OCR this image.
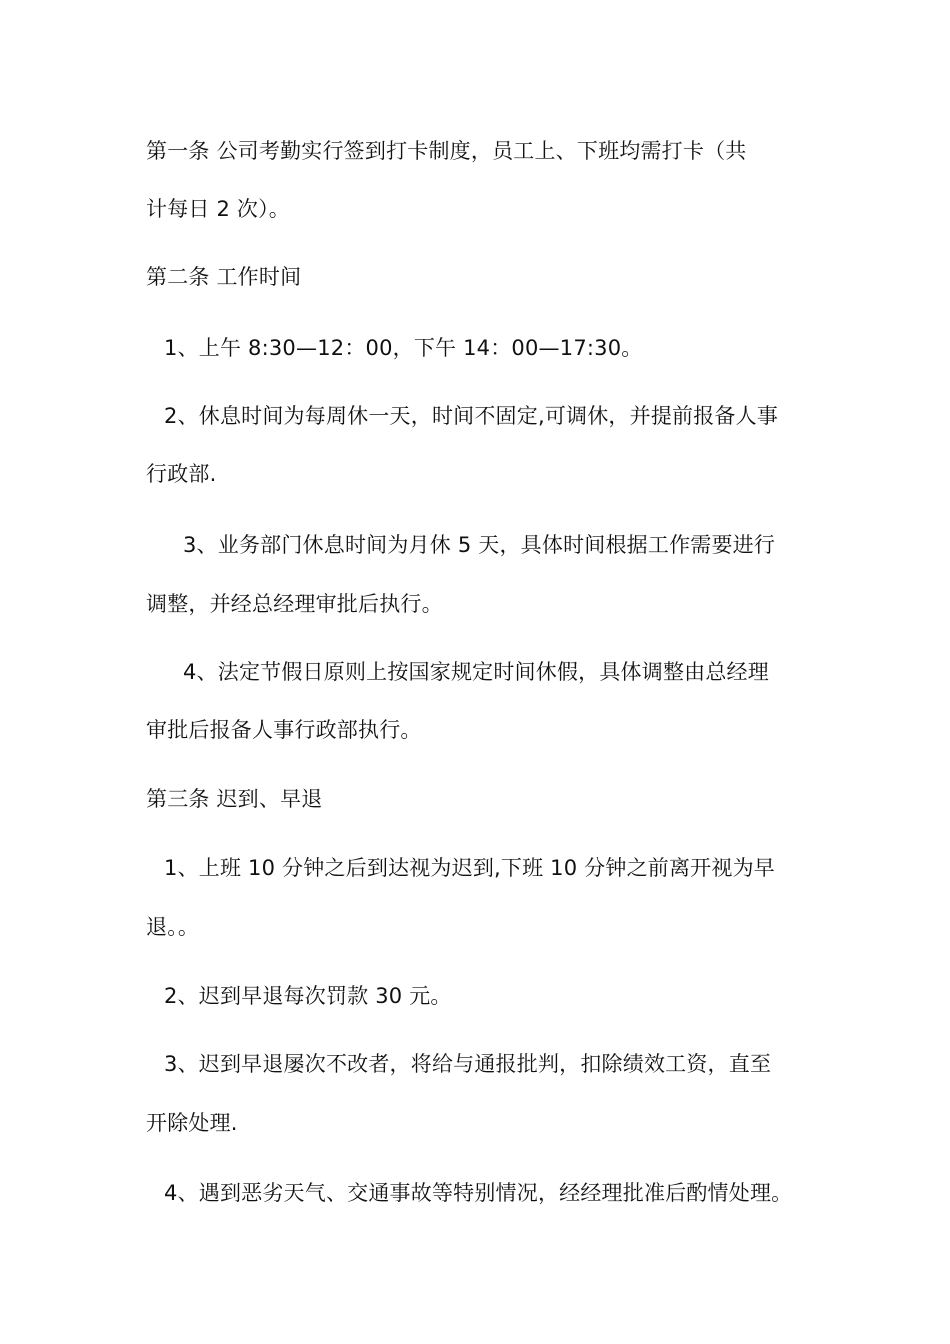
第一条 公司考勤实行签到打卡制度，员工上、下班均需打卡（共
计每日 2 次）。
第二条 工作时间
1、上午 8:30—12：00，下午 14：00—17:30。
2、休息时间为每周休一天，时间不固定,可调休，并提前报备人事
行政部.
3、业务部门休息时间为月休 5 天，具体时间根据工作需要进行
调整，并经总经理审批后执行。
4、法定节假日原则上按国家规定时间休假，具体调整由总经理
审批后报备人事行政部执行。
第三条 迟到、早退
1、上班 10 分钟之后到达视为迟到,下班 10 分钟之前离开视为早
退。。
2、迟到早退每次罚款 30 元。
3、迟到早退屡次不改者，将给与通报批判，扣除绩效工资，直至
开除处理.
4、遇到恶劣天气、交通事故等特别情况，经经理批准后酌情处理。
